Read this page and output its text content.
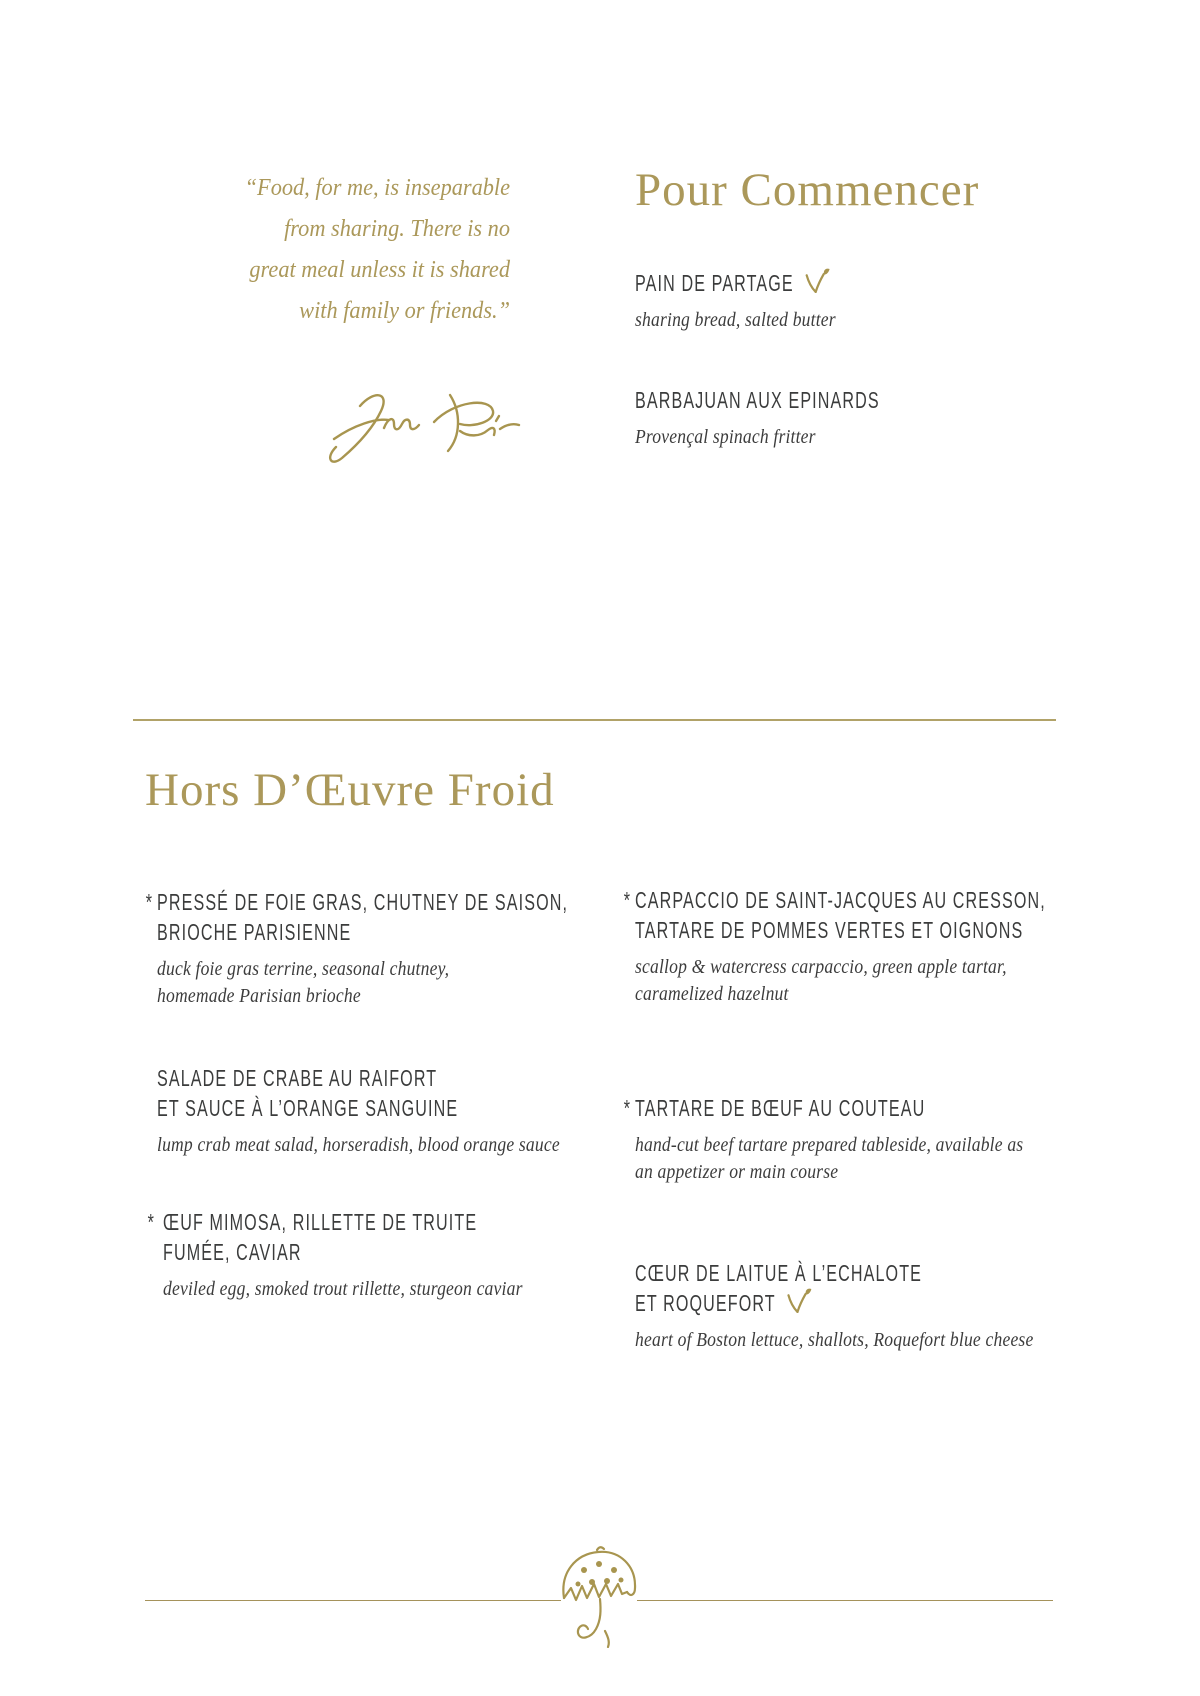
“Food, for me, is inseparable
from sharing. There is no
great meal unless it is shared
with family or friends.”
Pour Commencer
PAIN DE PARTAGE
sharing bread, salted butter
BARBAJUAN AUX EPINARDS
Provençal spinach fritter
Hors D’Œuvre Froid
* PRESSÉ DE FOIE GRAS, CHUTNEY DE SAISON,
BRIOCHE PARISIENNE
duck foie gras terrine, seasonal chutney,
homemade Parisian brioche
SALADE DE CRABE AU RAIFORT
ET SAUCE À L’ORANGE SANGUINE
lump crab meat salad, horseradish, blood orange sauce
* ŒUF MIMOSA, RILLETTE DE TRUITE
FUMÉE, CAVIAR
deviled egg, smoked trout rillette, sturgeon caviar
* CARPACCIO DE SAINT-JACQUES AU CRESSON,
TARTARE DE POMMES VERTES ET OIGNONS
scallop & watercress carpaccio, green apple tartar,
caramelized hazelnut
* TARTARE DE BŒUF AU COUTEAU
hand-cut beef tartare prepared tableside, available as
an appetizer or main course
CŒUR DE LAITUE À L’ECHALOTE
ET ROQUEFORT
heart of Boston lettuce, shallots, Roquefort blue cheese
